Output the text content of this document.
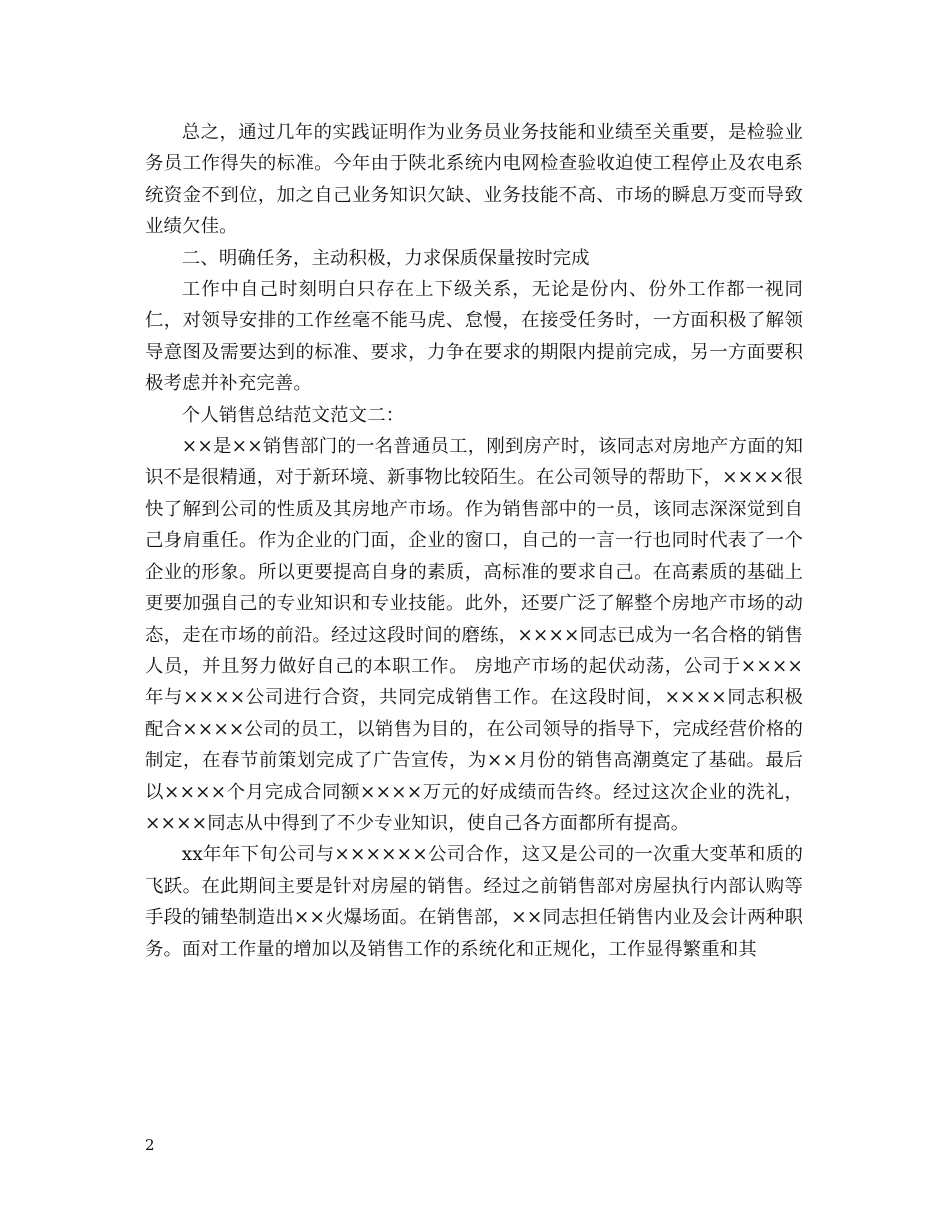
总之，通过几年的实践证明作为业务员业务技能和业绩至关重要，是检验业务员工作得失的标准。今年由于陕北系统内电网检查验收迫使工程停止及农电系统资金不到位，加之自己业务知识欠缺、业务技能不高、市场的瞬息万变而导致业绩欠佳。

二、明确任务，主动积极，力求保质保量按时完成

工作中自己时刻明白只存在上下级关系，无论是份内、份外工作都一视同仁，对领导安排的工作丝毫不能马虎、怠慢，在接受任务时，一方面积极了解领导意图及需要达到的标准、要求，力争在要求的期限内提前完成，另一方面要积极考虑并补充完善。

个人销售总结范文范文二：

××是××销售部门的一名普通员工，刚到房产时，该同志对房地产方面的知识不是很精通，对于新环境、新事物比较陌生。在公司领导的帮助下，××××很快了解到公司的性质及其房地产市场。作为销售部中的一员，该同志深深觉到自己身肩重任。作为企业的门面，企业的窗口，自己的一言一行也同时代表了一个企业的形象。所以更要提高自身的素质，高标准的要求自己。在高素质的基础上更要加强自己的专业知识和专业技能。此外，还要广泛了解整个房地产市场的动态，走在市场的前沿。经过这段时间的磨练，××××同志已成为一名合格的销售人员，并且努力做好自己的本职工作。 房地产市场的起伏动荡，公司于××××年与××××公司进行合资，共同完成销售工作。在这段时间，××××同志积极配合××××公司的员工，以销售为目的，在公司领导的指导下，完成经营价格的制定，在春节前策划完成了广告宣传，为××月份的销售高潮奠定了基础。最后以××××个月完成合同额××××万元的好成绩而告终。经过这次企业的洗礼，××××同志从中得到了不少专业知识，使自己各方面都所有提高。

xx年年下旬公司与××××××公司合作，这又是公司的一次重大变革和质的飞跃。在此期间主要是针对房屋的销售。经过之前销售部对房屋执行内部认购等手段的铺垫制造出××火爆场面。在销售部，××同志担任销售内业及会计两种职务。面对工作量的增加以及销售工作的系统化和正规化，工作显得繁重和其

2
